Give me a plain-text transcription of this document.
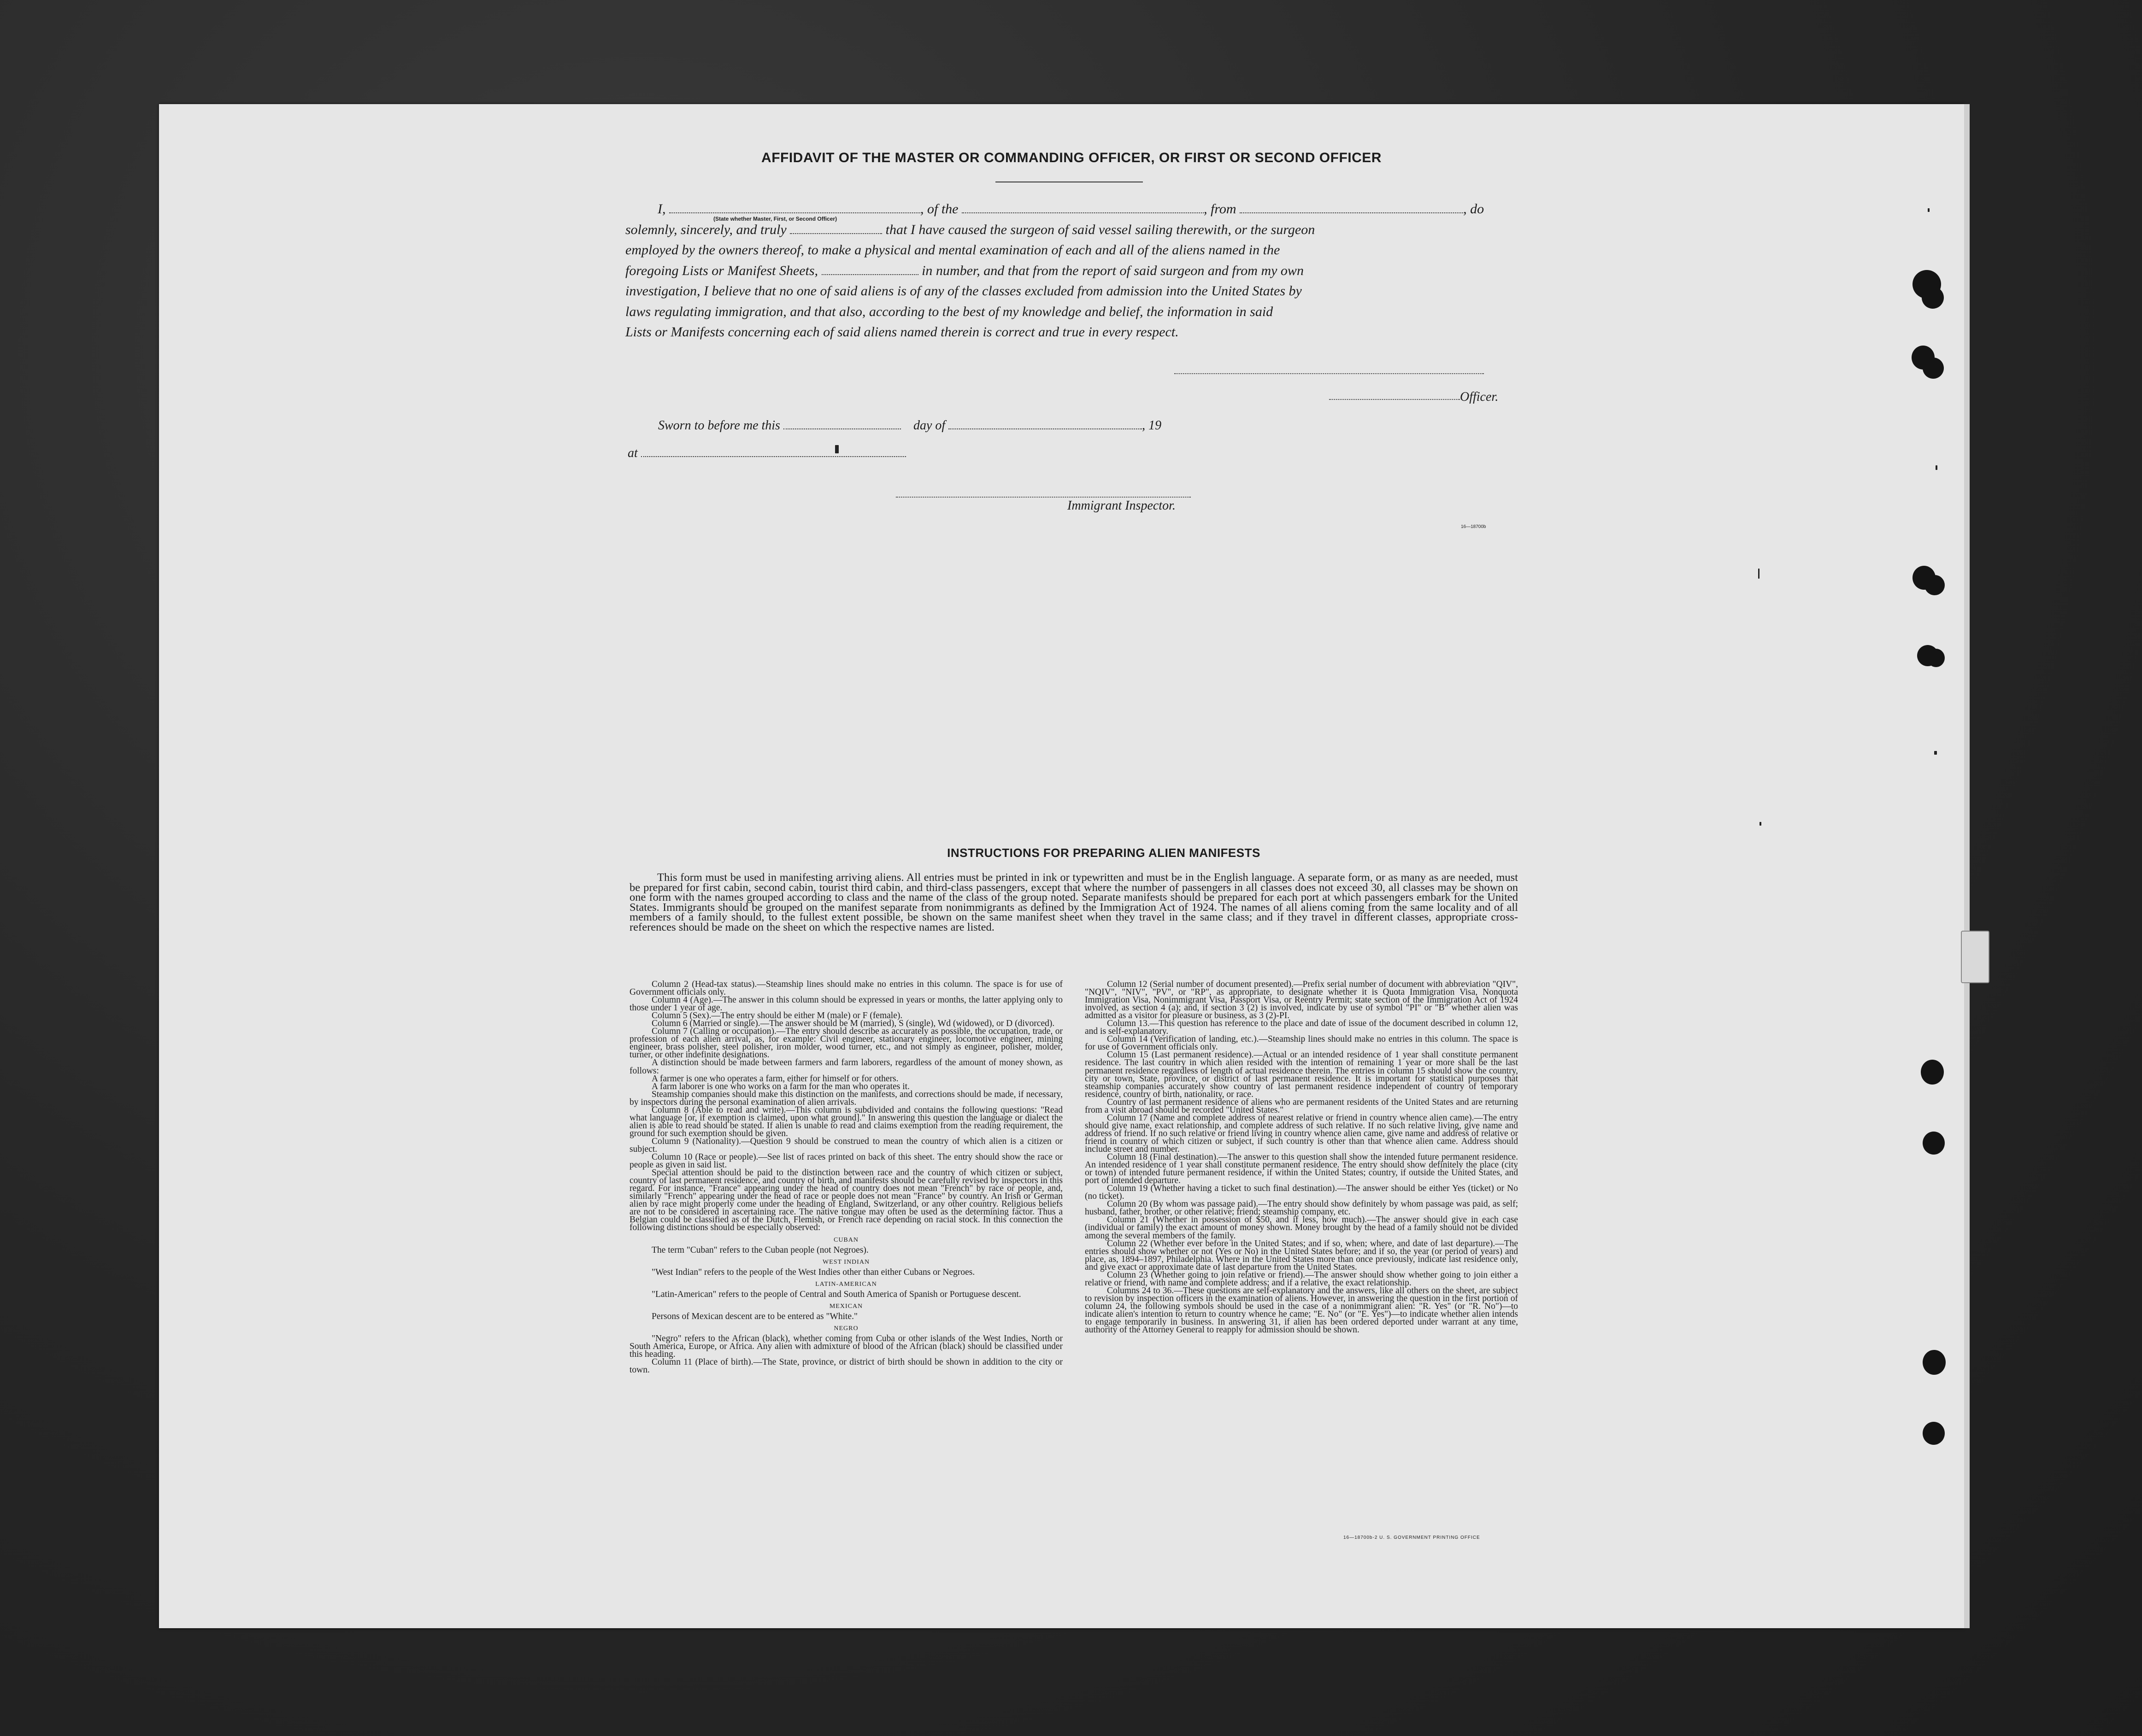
AFFIDAVIT OF THE MASTER OR COMMANDING OFFICER, OR FIRST OR SECOND OFFICER
I,	, of the	, from	, do
solemnly, sincerely, and truly	that I have caused the surgeon of said vessel sailing therewith, or the surgeon
employed by the owners thereof, to make a physical and mental examination of each and all of the aliens named in the
foregoing Lists or Manifest Sheets,	in number, and that from the report of said surgeon and from my own
investigation, I believe that no one of said aliens is of any of the classes excluded from admission into the United States by
laws regulating immigration, and that also, according to the best of my knowledge and belief, the information in said
Lists or Manifests concerning each of said aliens named therein is correct and true in every respect.
(State whether Master, First, or Second Officer)
Officer.
Sworn to before me this	day of	, 19
at
Immigrant Inspector.
16—18700b
INSTRUCTIONS FOR PREPARING ALIEN MANIFESTS

This form must be used in manifesting arriving aliens. All entries must be printed in ink or typewritten and must be in the English language. A separate form, or as many as are needed, must be prepared for first cabin, second cabin, tourist third cabin, and third-class passengers, except that where the number of passengers in all classes does not exceed 30, all classes may be shown on one form with the names grouped according to class and the name of the class of the group noted. Separate manifests should be prepared for each port at which passengers embark for the United States. Immigrants should be grouped on the manifest separate from nonimmigrants as defined by the Immigration Act of 1924. The names of all aliens coming from the same locality and of all members of a family should, to the fullest extent possible, be shown on the same manifest sheet when they travel in the same class; and if they travel in different classes, appropriate cross-references should be made on the sheet on which the respective names are listed.

Column 2 (Head-tax status).—Steamship lines should make no entries in this column. The space is for use of Government officials only.

Column 4 (Age).—The answer in this column should be expressed in years or months, the latter applying only to those under 1 year of age.

Column 5 (Sex).—The entry should be either M (male) or F (female).

Column 6 (Married or single).—The answer should be M (married), S (single), Wd (widowed), or D (divorced).

Column 7 (Calling or occupation).—The entry should describe as accurately as possible, the occupation, trade, or profession of each alien arrival, as, for example: Civil engineer, stationary engineer, locomotive engineer, mining engineer, brass polisher, steel polisher, iron molder, wood turner, etc., and not simply as engineer, polisher, molder, turner, or other indefinite designations.

A distinction should be made between farmers and farm laborers, regardless of the amount of money shown, as follows:

A farmer is one who operates a farm, either for himself or for others.

A farm laborer is one who works on a farm for the man who operates it.

Steamship companies should make this distinction on the manifests, and corrections should be made, if necessary, by inspectors during the personal examination of alien arrivals.

Column 8 (Able to read and write).—This column is subdivided and contains the following questions: "Read what language [or, if exemption is claimed, upon what ground]." In answering this question the language or dialect the alien is able to read should be stated. If alien is unable to read and claims exemption from the reading requirement, the ground for such exemption should be given.

Column 9 (Nationality).—Question 9 should be construed to mean the country of which alien is a citizen or subject.

Column 10 (Race or people).—See list of races printed on back of this sheet. The entry should show the race or people as given in said list.

Special attention should be paid to the distinction between race and the country of which citizen or subject, country of last permanent residence, and country of birth, and manifests should be carefully revised by inspectors in this regard. For instance, "France" appearing under the head of country does not mean "French" by race or people, and, similarly "French" appearing under the head of race or people does not mean "France" by country. An Irish or German alien by race might properly come under the heading of England, Switzerland, or any other country. Religious beliefs are not to be considered in ascertaining race. The native tongue may often be used as the determining factor. Thus a Belgian could be classified as of the Dutch, Flemish, or French race depending on racial stock. In this connection the following distinctions should be especially observed:

CUBAN

The term "Cuban" refers to the Cuban people (not Negroes).

WEST INDIAN

"West Indian" refers to the people of the West Indies other than either Cubans or Negroes.

LATIN-AMERICAN

"Latin-American" refers to the people of Central and South America of Spanish or Portuguese descent.

MEXICAN

Persons of Mexican descent are to be entered as "White."

NEGRO

"Negro" refers to the African (black), whether coming from Cuba or other islands of the West Indies, North or South America, Europe, or Africa. Any alien with admixture of blood of the African (black) should be classified under this heading.

Column 11 (Place of birth).—The State, province, or district of birth should be shown in addition to the city or town.

Column 12 (Serial number of document presented).—Prefix serial number of document with abbreviation "QIV", "NQIV", "NIV", "PV", or "RP", as appropriate, to designate whether it is Quota Immigration Visa, Nonquota Immigration Visa, Nonimmigrant Visa, Passport Visa, or Reentry Permit; state section of the Immigration Act of 1924 involved, as section 4 (a); and, if section 3 (2) is involved, indicate by use of symbol "PI" or "B" whether alien was admitted as a visitor for pleasure or business, as 3 (2)-PI.

Column 13.—This question has reference to the place and date of issue of the document described in column 12, and is self-explanatory.

Column 14 (Verification of landing, etc.).—Steamship lines should make no entries in this column. The space is for use of Government officials only.

Column 15 (Last permanent residence).—Actual or an intended residence of 1 year shall constitute permanent residence. The last country in which alien resided with the intention of remaining 1 year or more shall be the last permanent residence regardless of length of actual residence therein. The entries in column 15 should show the country, city or town, State, province, or district of last permanent residence. It is important for statistical purposes that steamship companies accurately show country of last permanent residence independent of country of temporary residence, country of birth, nationality, or race.

Country of last permanent residence of aliens who are permanent residents of the United States and are returning from a visit abroad should be recorded "United States."

Column 17 (Name and complete address of nearest relative or friend in country whence alien came).—The entry should give name, exact relationship, and complete address of such relative. If no such relative living, give name and address of friend. If no such relative or friend living in country whence alien came, give name and address of relative or friend in country of which citizen or subject, if such country is other than that whence alien came. Address should include street and number.

Column 18 (Final destination).—The answer to this question shall show the intended future permanent residence. An intended residence of 1 year shall constitute permanent residence. The entry should show definitely the place (city or town) of intended future permanent residence, if within the United States; country, if outside the United States, and port of intended departure.

Column 19 (Whether having a ticket to such final destination).—The answer should be either Yes (ticket) or No (no ticket).

Column 20 (By whom was passage paid).—The entry should show definitely by whom passage was paid, as self; husband, father, brother, or other relative; friend; steamship company, etc.

Column 21 (Whether in possession of $50, and if less, how much).—The answer should give in each case (individual or family) the exact amount of money shown. Money brought by the head of a family should not be divided among the several members of the family.

Column 22 (Whether ever before in the United States; and if so, when; where, and date of last departure).—The entries should show whether or not (Yes or No) in the United States before; and if so, the year (or period of years) and place, as, 1894–1897, Philadelphia. Where in the United States more than once previously, indicate last residence only, and give exact or approximate date of last departure from the United States.

Column 23 (Whether going to join relative or friend).—The answer should show whether going to join either a relative or friend, with name and complete address; and if a relative, the exact relationship.

Columns 24 to 36.—These questions are self-explanatory and the answers, like all others on the sheet, are subject to revision by inspection officers in the examination of aliens. However, in answering the question in the first portion of column 24, the following symbols should be used in the case of a nonimmigrant alien: "R. Yes" (or "R. No")—to indicate alien's intention to return to country whence he came; "E. No" (or "E. Yes")—to indicate whether alien intends to engage temporarily in business. In answering 31, if alien has been ordered deported under warrant at any time, authority of the Attorney General to reapply for admission should be shown.

16—18700b-2 U. S. GOVERNMENT PRINTING OFFICE
